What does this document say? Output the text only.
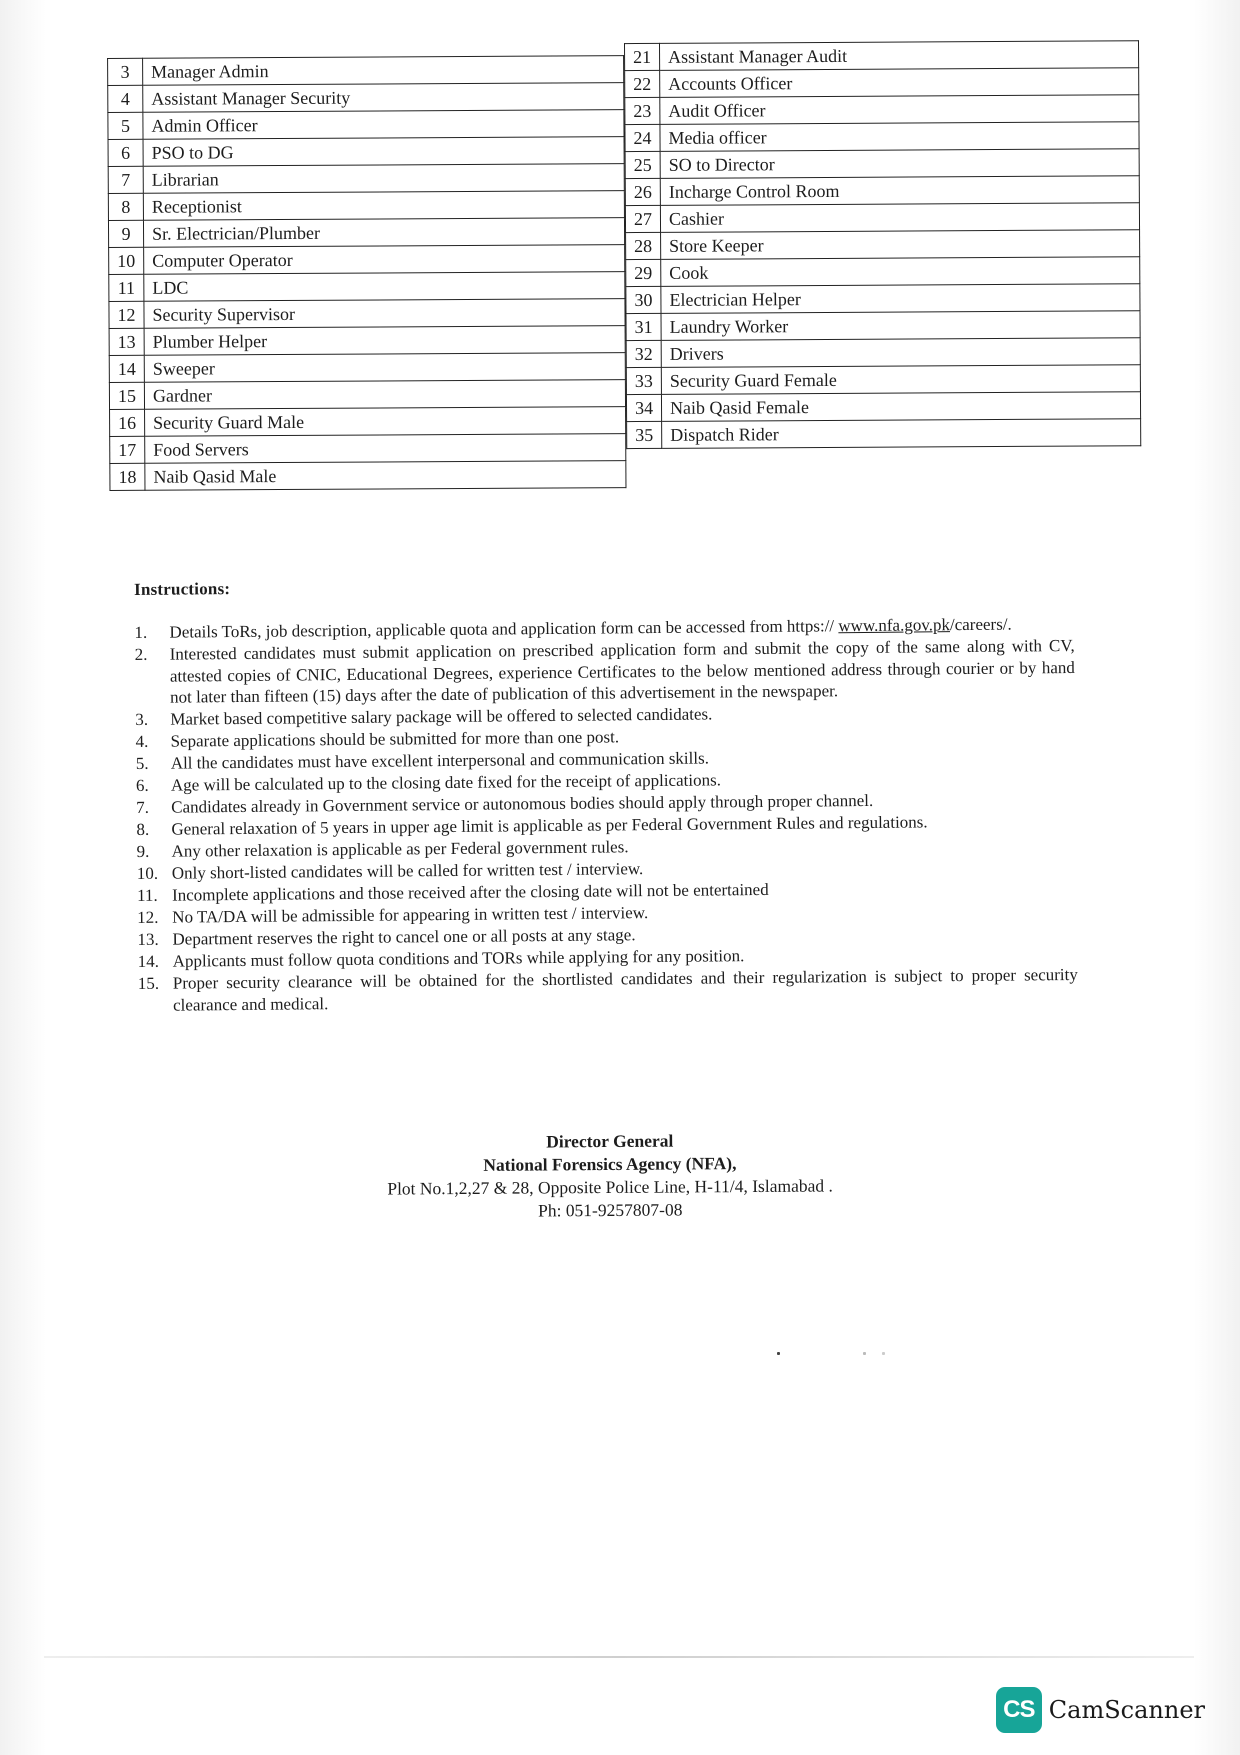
3	Manager Admin
4	Assistant Manager Security
5	Admin Officer
6	PSO to DG
7	Librarian
8	Receptionist
9	Sr. Electrician/Plumber
10	Computer Operator
11	LDC
12	Security Supervisor
13	Plumber Helper
14	Sweeper
15	Gardner
16	Security Guard Male
17	Food Servers
18	Naib Qasid Male
21	Assistant Manager Audit
22	Accounts Officer
23	Audit Officer
24	Media officer
25	SO to Director
26	Incharge Control Room
27	Cashier
28	Store Keeper
29	Cook
30	Electrician Helper
31	Laundry Worker
32	Drivers
33	Security Guard Female
34	Naib Qasid Female
35	Dispatch Rider
Instructions:
1.	Details ToRs, job description, applicable quota and application form can be accessed from https:// www.nfa.gov.pk/careers/.
2.	Interested candidates must submit application on prescribed application form and submit the copy of the same along with CV, attested copies of CNIC, Educational Degrees, experience Certificates to the below mentioned address through courier or by hand not later than fifteen (15) days after the date of publication of this advertisement in the newspaper.
3.	Market based competitive salary package will be offered to selected candidates.
4.	Separate applications should be submitted for more than one post.
5.	All the candidates must have excellent interpersonal and communication skills.
6.	Age will be calculated up to the closing date fixed for the receipt of applications.
7.	Candidates already in Government service or autonomous bodies should apply through proper channel.
8.	General relaxation of 5 years in upper age limit is applicable as per Federal Government Rules and regulations.
9.	Any other relaxation is applicable as per Federal government rules.
10. Only short-listed candidates will be called for written test / interview.
11. Incomplete applications and those received after the closing date will not be entertained
12. No TA/DA will be admissible for appearing in written test / interview.
13. Department reserves the right to cancel one or all posts at any stage.
14. Applicants must follow quota conditions and TORs while applying for any position.
15. Proper security clearance will be obtained for the shortlisted candidates and their regularization is subject to proper security clearance and medical.
Director General
National Forensics Agency (NFA),
Plot No.1,2,27 & 28, Opposite Police Line, H-11/4, Islamabad .
Ph: 051-9257807-08
CS CamScanner
